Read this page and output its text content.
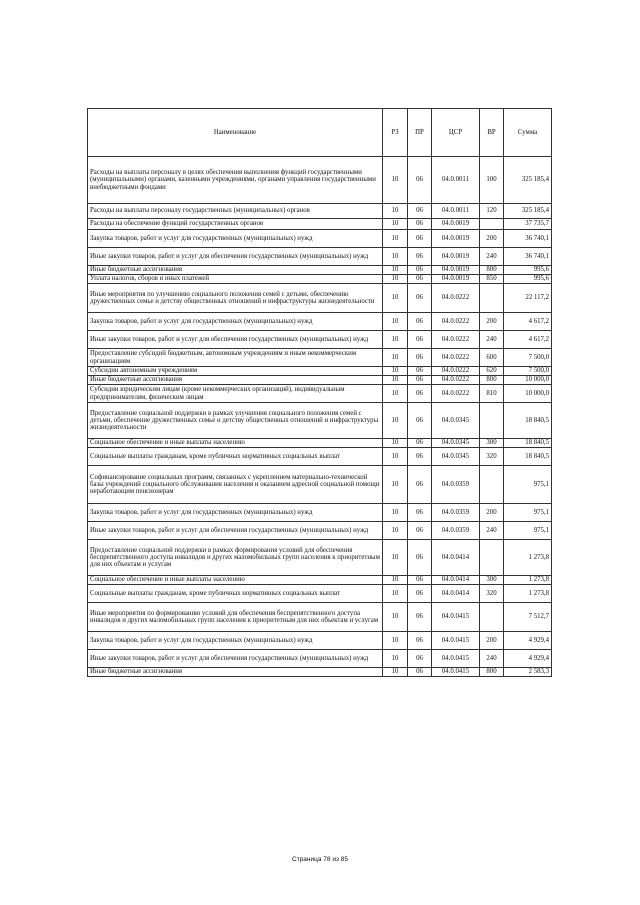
Наименование	РЗ	ПР	ЦСР	ВР	Сумма
Расходы на выплаты персоналу в целях обеспечения выполнения функций государственными (муниципальными) органами, казенными учреждениями, органами управления государственными внебюджетными фондами	10	06	04.0.0011	100	325 185,4
Расходы на выплаты персоналу государственных (муниципальных) органов	10	06	04.0.0011	120	325 185,4
Расходы на обеспечение функций государственных органов	10	06	04.0.0019		37 735,7
Закупка товаров, работ и услуг для государственных (муниципальных) нужд	10	06	04.0.0019	200	36 740,1
Иные закупки товаров, работ и услуг для обеспечения государственных (муниципальных) нужд	10	06	04.0.0019	240	36 740,1
Иные бюджетные ассигнования	10	06	04.0.0019	800	995,6
Уплата налогов, сборов и иных платежей	10	06	04.0.0019	850	995,6
Иные мероприятия по улучшению социального положения семей с детьми, обеспечению дружественных семье и детству общественных отношений и инфраструктуры жизнедеятельности	10	06	04.0.0222		22 117,2
Закупка товаров, работ и услуг для государственных (муниципальных) нужд	10	06	04.0.0222	200	4 617,2
Иные закупки товаров, работ и услуг для обеспечения государственных (муниципальных) нужд	10	06	04.0.0222	240	4 617,2
Предоставление субсидий бюджетным, автономным учреждениям и иным некоммерческим организациям	10	06	04.0.0222	600	7 500,0
Субсидии автономным учреждениям	10	06	04.0.0222	620	7 500,0
Иные бюджетные ассигнования	10	06	04.0.0222	800	10 000,0
Субсидии юридическим лицам (кроме некоммерческих организаций), индивидуальным предпринимателям, физическим лицам	10	06	04.0.0222	810	10 000,0
Предоставление социальной поддержки в рамках улучшения социального положения семей с детьми, обеспечение дружественных семье и детству общественных отношений и инфраструктуры жизнедеятельности	10	06	04.0.0345		18 840,5
Социальное обеспечение и иные выплаты населению	10	06	04.0.0345	300	18 840,5
Социальные выплаты гражданам, кроме публичных нормативных социальных выплат	10	06	04.0.0345	320	18 840,5
Софинансирование социальных программ, связанных с укреплением материально-технической базы учреждений социального обслуживания населения и оказанием адресной социальной помощи неработающим пенсионерам	10	06	04.0.0359		975,1
Закупка товаров, работ и услуг для государственных (муниципальных) нужд	10	06	04.0.0359	200	975,1
Иные закупки товаров, работ и услуг для обеспечения государственных (муниципальных) нужд	10	06	04.0.0359	240	975,1
Предоставление социальной поддержки в рамках формирования условий для обеспечения беспрепятственного доступа инвалидов и других маломобильных групп населения к приоритетным для них объектам и услугам	10	06	04.0.0414		1 273,8
Социальное обеспечение и иные выплаты населению	10	06	04.0.0414	300	1 273,8
Социальные выплаты гражданам, кроме публичных нормативных социальных выплат	10	06	04.0.0414	320	1 273,8
Иные мероприятия по формированию условий для обеспечения беспрепятственного доступа инвалидов и других маломобильных групп населения к приоритетным для них объектам и услугам	10	06	04.0.0415		7 512,7
Закупка товаров, работ и услуг для государственных (муниципальных) нужд	10	06	04.0.0415	200	4 929,4
Иные закупки товаров, работ и услуг для обеспечения государственных (муниципальных) нужд	10	06	04.0.0415	240	4 929,4
Иные бюджетные ассигнования	10	06	04.0.0415	800	2 583,3
Страница 78 из 85
